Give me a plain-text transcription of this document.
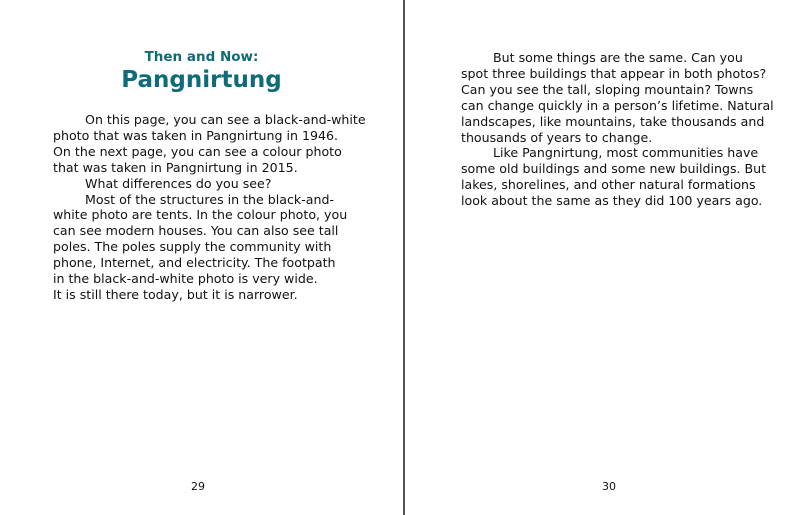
Then and Now:
Pangnirtung
On this page, you can see a black-and-white
photo that was taken in Pangnirtung in 1946.
On the next page, you can see a colour photo
that was taken in Pangnirtung in 2015.
What differences do you see?
Most of the structures in the black-and-
white photo are tents. In the colour photo, you
can see modern houses. You can also see tall
poles. The poles supply the community with
phone, Internet, and electricity. The footpath
in the black-and-white photo is very wide.
It is still there today, but it is narrower.
29
But some things are the same. Can you
spot three buildings that appear in both photos?
Can you see the tall, sloping mountain? Towns
can change quickly in a person’s lifetime. Natural
landscapes, like mountains, take thousands and
thousands of years to change.
Like Pangnirtung, most communities have
some old buildings and some new buildings. But
lakes, shorelines, and other natural formations
look about the same as they did 100 years ago.
30
